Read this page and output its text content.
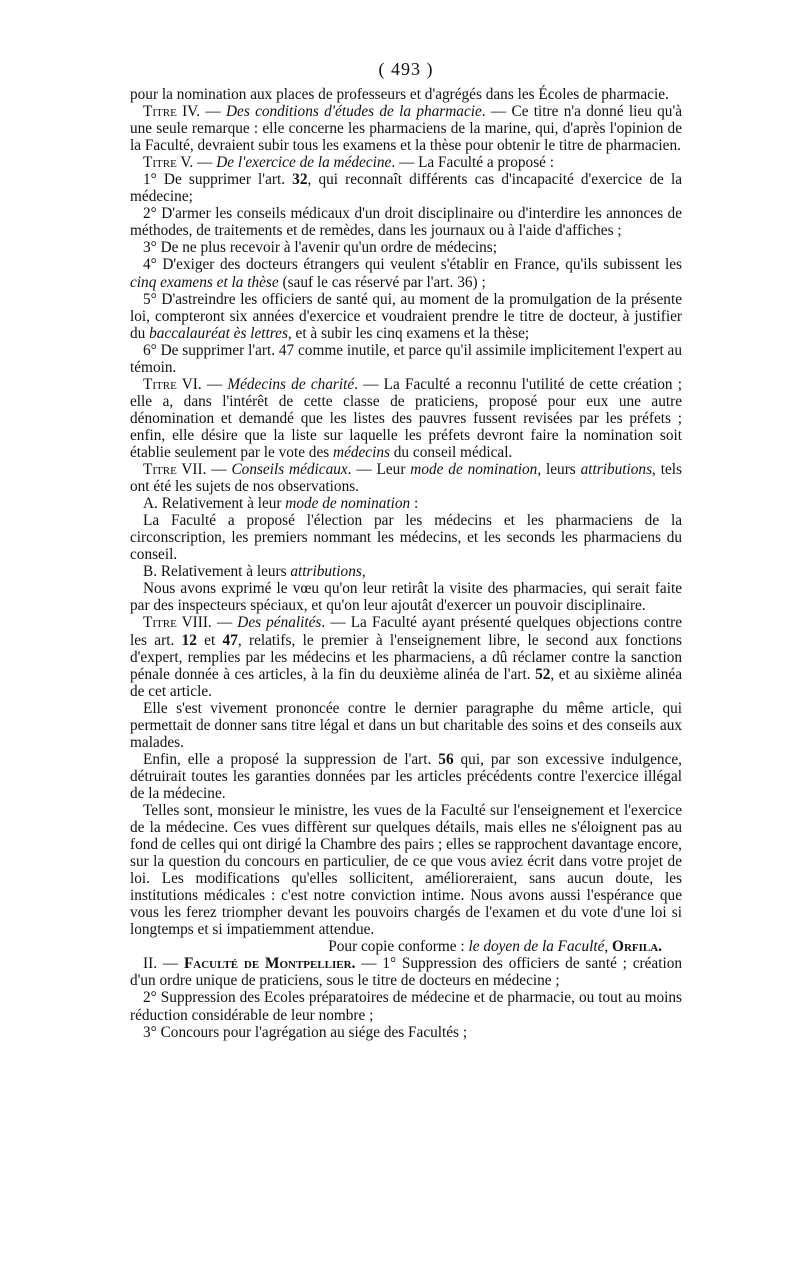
( 493 )

pour la nomination aux places de professeurs et d'agrégés dans les Écoles de pharmacie.

Titre IV. — Des conditions d'études de la pharmacie. — Ce titre n'a donné lieu qu'à une seule remarque : elle concerne les pharmaciens de la marine, qui, d'après l'opinion de la Faculté, devraient subir tous les examens et la thèse pour obtenir le titre de pharmacien.

Titre V. — De l'exercice de la médecine. — La Faculté a proposé :

1° De supprimer l'art. 32, qui reconnaît différents cas d'incapacité d'exercice de la médecine;

2° D'armer les conseils médicaux d'un droit disciplinaire ou d'interdire les annonces de méthodes, de traitements et de remèdes, dans les journaux ou à l'aide d'affiches ;

3° De ne plus recevoir à l'avenir qu'un ordre de médecins;

4° D'exiger des docteurs étrangers qui veulent s'établir en France, qu'ils subissent les cinq examens et la thèse (sauf le cas réservé par l'art. 36) ;

5° D'astreindre les officiers de santé qui, au moment de la promulgation de la présente loi, compteront six années d'exercice et voudraient prendre le titre de docteur, à justifier du baccalauréat ès lettres, et à subir les cinq examens et la thèse;

6° De supprimer l'art. 47 comme inutile, et parce qu'il assimile implicitement l'expert au témoin.

Titre VI. — Médecins de charité. — La Faculté a reconnu l'utilité de cette création ; elle a, dans l'intérêt de cette classe de praticiens, proposé pour eux une autre dénomination et demandé que les listes des pauvres fussent revisées par les préfets ; enfin, elle désire que la liste sur laquelle les préfets devront faire la nomination soit établie seulement par le vote des médecins du conseil médical.

Titre VII. — Conseils médicaux. — Leur mode de nomination, leurs attributions, tels ont été les sujets de nos observations.

A. Relativement à leur mode de nomination :

La Faculté a proposé l'élection par les médecins et les pharmaciens de la circonscription, les premiers nommant les médecins, et les seconds les pharmaciens du conseil.

B. Relativement à leurs attributions,

Nous avons exprimé le vœu qu'on leur retirât la visite des pharmacies, qui serait faite par des inspecteurs spéciaux, et qu'on leur ajoutât d'exercer un pouvoir disciplinaire.

Titre VIII. — Des pénalités. — La Faculté ayant présenté quelques objections contre les art. 12 et 47, relatifs, le premier à l'enseignement libre, le second aux fonctions d'expert, remplies par les médecins et les pharmaciens, a dû réclamer contre la sanction pénale donnée à ces articles, à la fin du deuxième alinéa de l'art. 52, et au sixième alinéa de cet article.

Elle s'est vivement prononcée contre le dernier paragraphe du même article, qui permettait de donner sans titre légal et dans un but charitable des soins et des conseils aux malades.

Enfin, elle a proposé la suppression de l'art. 56 qui, par son excessive indulgence, détruirait toutes les garanties données par les articles précédents contre l'exercice illégal de la médecine.

Telles sont, monsieur le ministre, les vues de la Faculté sur l'enseignement et l'exercice de la médecine. Ces vues diffèrent sur quelques détails, mais elles ne s'éloignent pas au fond de celles qui ont dirigé la Chambre des pairs ; elles se rapprochent davantage encore, sur la question du concours en particulier, de ce que vous aviez écrit dans votre projet de loi. Les modifications qu'elles sollicitent, amélioreraient, sans aucun doute, les institutions médicales : c'est notre conviction intime. Nous avons aussi l'espérance que vous les ferez triompher devant les pouvoirs chargés de l'examen et du vote d'une loi si longtemps et si impatiemment attendue.

Pour copie conforme : le doyen de la Faculté, Orfila.

II. — Faculté de Montpellier. — 1° Suppression des officiers de santé ; création d'un ordre unique de praticiens, sous le titre de docteurs en médecine ;

2° Suppression des Ecoles préparatoires de médecine et de pharmacie, ou tout au moins réduction considérable de leur nombre ;

3° Concours pour l'agrégation au siége des Facultés ;
